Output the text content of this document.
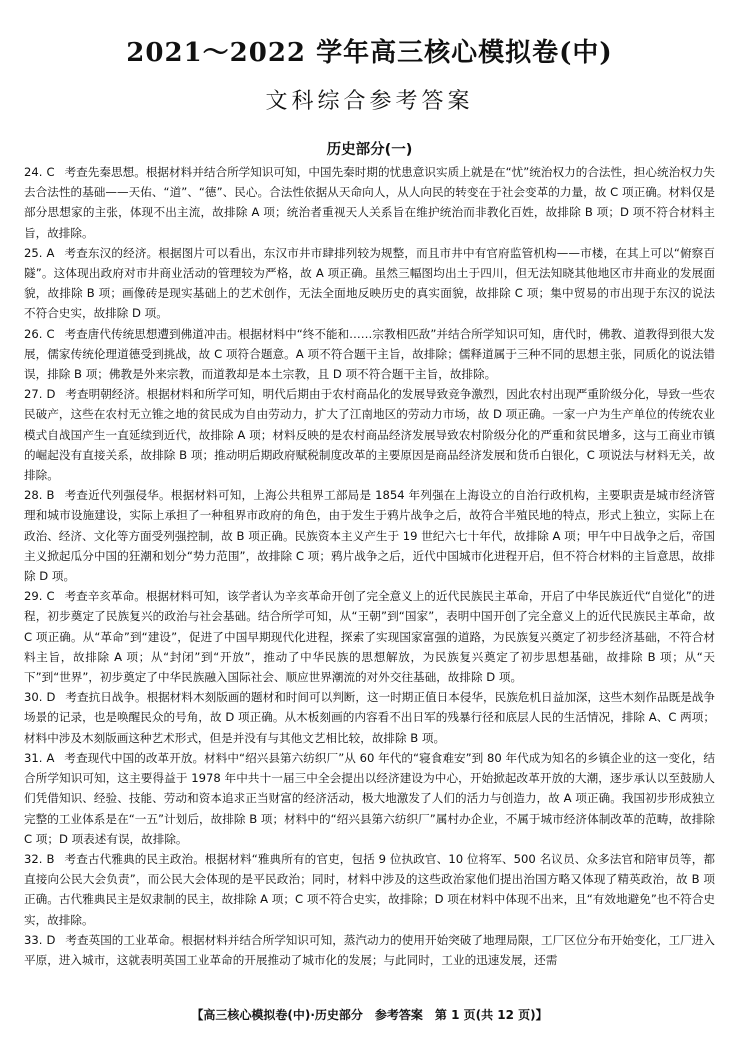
2021～2022 学年高三核心模拟卷(中)
文科综合参考答案
历史部分(一)

24. C 考查先秦思想。根据材料并结合所学知识可知，中国先秦时期的忧患意识实质上就是在“忧”统治权力的合法性，担心统治权力失去合法性的基础——天佑、“道”、“德”、民心。合法性依据从天命向人，从人向民的转变在于社会变革的力量，故 C 项正确。材料仅是部分思想家的主张，体现不出主流，故排除 A 项；统治者重视天人关系旨在维护统治而非教化百姓，故排除 B 项；D 项不符合材料主旨，故排除。

25. A 考查东汉的经济。根据图片可以看出，东汉市井市肆排列较为规整，而且市井中有官府监管机构——市楼，在其上可以“俯察百隧”。这体现出政府对市井商业活动的管理较为严格，故 A 项正确。虽然三幅图均出土于四川，但无法知晓其他地区市井商业的发展面貌，故排除 B 项；画像砖是现实基础上的艺术创作，无法全面地反映历史的真实面貌，故排除 C 项；集中贸易的市出现于东汉的说法不符合史实，故排除 D 项。

26. C 考查唐代传统思想遭到佛道冲击。根据材料中“终不能和……宗教相匹敌”并结合所学知识可知，唐代时，佛教、道教得到很大发展，儒家传统伦理道德受到挑战，故 C 项符合题意。A 项不符合题干主旨，故排除；儒释道属于三种不同的思想主张，同质化的说法错误，排除 B 项；佛教是外来宗教，而道教却是本土宗教，且 D 项不符合题干主旨，故排除。

27. D 考查明朝经济。根据材料和所学可知，明代后期由于农村商品化的发展导致竞争激烈，因此农村出现严重阶级分化，导致一些农民破产，这些在农村无立锥之地的贫民成为自由劳动力，扩大了江南地区的劳动力市场，故 D 项正确。一家一户为生产单位的传统农业模式自战国产生一直延续到近代，故排除 A 项；材料反映的是农村商品经济发展导致农村阶级分化的严重和贫民增多，这与工商业市镇的崛起没有直接关系，故排除 B 项；推动明后期政府赋税制度改革的主要原因是商品经济发展和货币白银化，C 项说法与材料无关，故排除。

28. B 考查近代列强侵华。根据材料可知，上海公共租界工部局是 1854 年列强在上海设立的自治行政机构，主要职责是城市经济管理和城市设施建设，实际上承担了一种租界市政府的角色，由于发生于鸦片战争之后，故符合半殖民地的特点，形式上独立，实际上在政治、经济、文化等方面受列强控制，故 B 项正确。民族资本主义产生于 19 世纪六七十年代，故排除 A 项；甲午中日战争之后，帝国主义掀起瓜分中国的狂潮和划分“势力范围”，故排除 C 项；鸦片战争之后，近代中国城市化进程开启，但不符合材料的主旨意思，故排除 D 项。

29. C 考查辛亥革命。根据材料可知，该学者认为辛亥革命开创了完全意义上的近代民族民主革命，开启了中华民族近代“自觉化”的进程，初步奠定了民族复兴的政治与社会基础。结合所学可知，从“王朝”到“国家”，表明中国开创了完全意义上的近代民族民主革命，故 C 项正确。从“革命”到“建设”，促进了中国早期现代化进程，探索了实现国家富强的道路，为民族复兴奠定了初步经济基础，不符合材料主旨，故排除 A 项；从“封闭”到“开放”，推动了中华民族的思想解放，为民族复兴奠定了初步思想基础，故排除 B 项；从“天下”到“世界”，初步奠定了中华民族融入国际社会、顺应世界潮流的对外交往基础，故排除 D 项。

30. D 考查抗日战争。根据材料木刻版画的题材和时间可以判断，这一时期正值日本侵华，民族危机日益加深，这些木刻作品既是战争场景的记录，也是唤醒民众的号角，故 D 项正确。从木板刻画的内容看不出日军的残暴行径和底层人民的生活情况，排除 A、C 两项；材料中涉及木刻版画这种艺术形式，但是并没有与其他文艺相比较，故排除 B 项。

31. A 考查现代中国的改革开放。材料中“绍兴县第六纺织厂”从 60 年代的“寝食难安”到 80 年代成为知名的乡镇企业的这一变化，结合所学知识可知，这主要得益于 1978 年中共十一届三中全会提出以经济建设为中心，开始掀起改革开放的大潮，逐步承认以至鼓励人们凭借知识、经验、技能、劳动和资本追求正当财富的经济活动，极大地激发了人们的活力与创造力，故 A 项正确。我国初步形成独立完整的工业体系是在“一五”计划后，故排除 B 项；材料中的“绍兴县第六纺织厂”属村办企业，不属于城市经济体制改革的范畴，故排除 C 项；D 项表述有误，故排除。

32. B 考查古代雅典的民主政治。根据材料“雅典所有的官吏，包括 9 位执政官、10 位将军、500 名议员、众多法官和陪审员等，都直接向公民大会负责”，而公民大会体现的是平民政治；同时，材料中涉及的这些政治家他们提出治国方略又体现了精英政治，故 B 项正确。古代雅典民主是奴隶制的民主，故排除 A 项；C 项不符合史实，故排除；D 项在材料中体现不出来，且“有效地避免”也不符合史实，故排除。

33. D 考查英国的工业革命。根据材料并结合所学知识可知，蒸汽动力的使用开始突破了地理局限，工厂区位分布开始变化，工厂进入平原，进入城市，这就表明英国工业革命的开展推动了城市化的发展；与此同时，工业的迅速发展，还需

【高三核心模拟卷(中)·历史部分　参考答案　第 1 页(共 12 页)】
